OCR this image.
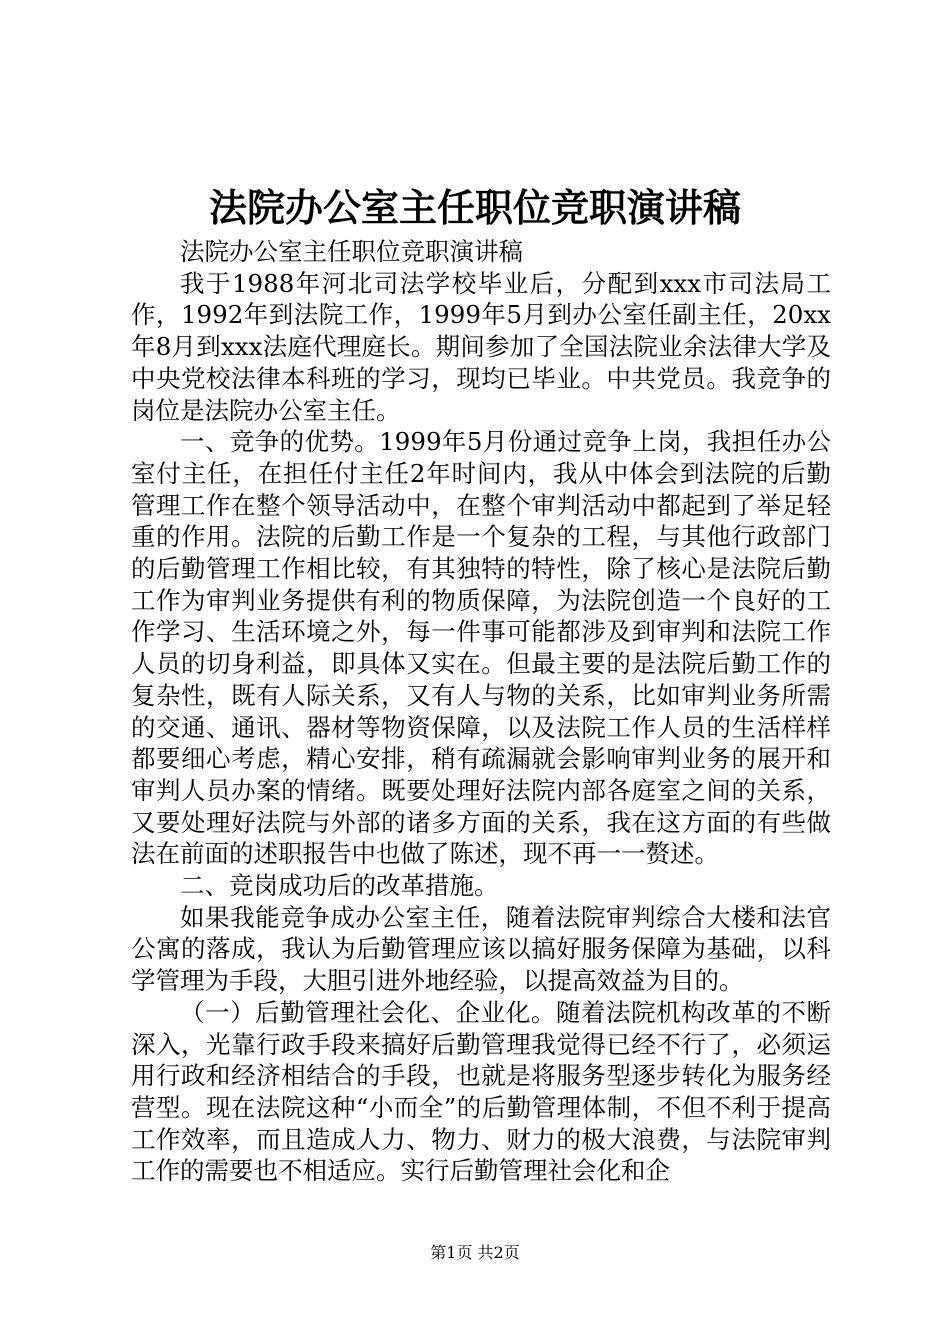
法院办公室主任职位竞职演讲稿

法院办公室主任职位竞职演讲稿

我于1988年河北司法学校毕业后，分配到xxx市司法局工作，1992年到法院工作，1999年5月到办公室任副主任，20xx年8月到xxx法庭代理庭长。期间参加了全国法院业余法律大学及中央党校法律本科班的学习，现均已毕业。中共党员。我竞争的岗位是法院办公室主任。

一、竞争的优势。1999年5月份通过竞争上岗，我担任办公室付主任，在担任付主任2年时间内，我从中体会到法院的后勤管理工作在整个领导活动中，在整个审判活动中都起到了举足轻重的作用。法院的后勤工作是一个复杂的工程，与其他行政部门的后勤管理工作相比较，有其独特的特性，除了核心是法院后勤工作为审判业务提供有利的物质保障，为法院创造一个良好的工作学习、生活环境之外，每一件事可能都涉及到审判和法院工作人员的切身利益，即具体又实在。但最主要的是法院后勤工作的复杂性，既有人际关系，又有人与物的关系，比如审判业务所需的交通、通讯、器材等物资保障，以及法院工作人员的生活样样都要细心考虑，精心安排，稍有疏漏就会影响审判业务的展开和审判人员办案的情绪。既要处理好法院内部各庭室之间的关系，又要处理好法院与外部的诸多方面的关系，我在这方面的有些做法在前面的述职报告中也做了陈述，现不再一一赘述。

二、竞岗成功后的改革措施。

如果我能竞争成办公室主任，随着法院审判综合大楼和法官公寓的落成，我认为后勤管理应该以搞好服务保障为基础，以科学管理为手段，大胆引进外地经验，以提高效益为目的。

（一）后勤管理社会化、企业化。随着法院机构改革的不断深入，光靠行政手段来搞好后勤管理我觉得已经不行了，必须运用行政和经济相结合的手段，也就是将服务型逐步转化为服务经营型。现在法院这种“小而全”的后勤管理体制，不但不利于提高工作效率，而且造成人力、物力、财力的极大浪费，与法院审判工作的需要也不相适应。实行后勤管理社会化和企

第1页 共2页
